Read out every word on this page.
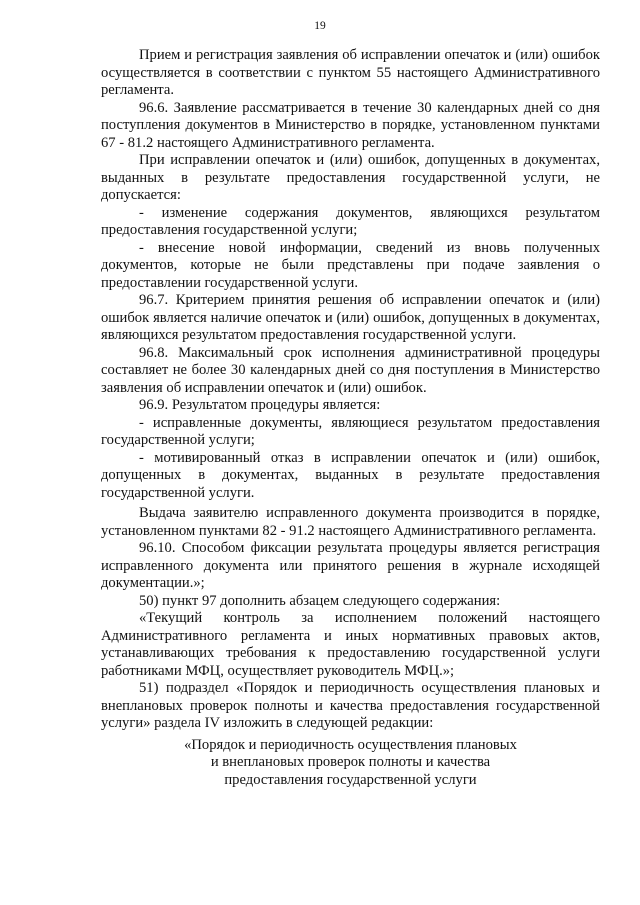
19

Прием и регистрация заявления об исправлении опечаток и (или) ошибок осуществляется в соответствии с пунктом 55 настоящего Административного регламента.

96.6. Заявление рассматривается в течение 30 календарных дней со дня поступления документов в Министерство в порядке, установленном пунктами 67 - 81.2 настоящего Административного регламента.

При исправлении опечаток и (или) ошибок, допущенных в документах, выданных в результате предоставления государственной услуги, не допускается:

- изменение содержания документов, являющихся результатом предоставления государственной услуги;

- внесение новой информации, сведений из вновь полученных документов, которые не были представлены при подаче заявления о предоставлении государственной услуги.

96.7. Критерием принятия решения об исправлении опечаток и (или) ошибок является наличие опечаток и (или) ошибок, допущенных в документах, являющихся результатом предоставления государственной услуги.

96.8. Максимальный срок исполнения административной процедуры составляет не более 30 календарных дней со дня поступления в Министерство заявления об исправлении опечаток и (или) ошибок.

96.9. Результатом процедуры является:

- исправленные документы, являющиеся результатом предоставления государственной услуги;

- мотивированный отказ в исправлении опечаток и (или) ошибок, допущенных в документах, выданных в результате предоставления государственной услуги.

Выдача заявителю исправленного документа производится в порядке, установленном пунктами 82 - 91.2 настоящего Административного регламента.

96.10. Способом фиксации результата процедуры является регистрация исправленного документа или принятого решения в журнале исходящей документации.»;

50) пункт 97 дополнить абзацем следующего содержания:

«Текущий контроль за исполнением положений настоящего Административного регламента и иных нормативных правовых актов, устанавливающих требования к предоставлению государственной услуги работниками МФЦ, осуществляет руководитель МФЦ.»;

51) подраздел «Порядок и периодичность осуществления плановых и внеплановых проверок полноты и качества предоставления государственной услуги» раздела IV изложить в следующей редакции:

«Порядок и периодичность осуществления плановых
и внеплановых проверок полноты и качества
предоставления государственной услуги
